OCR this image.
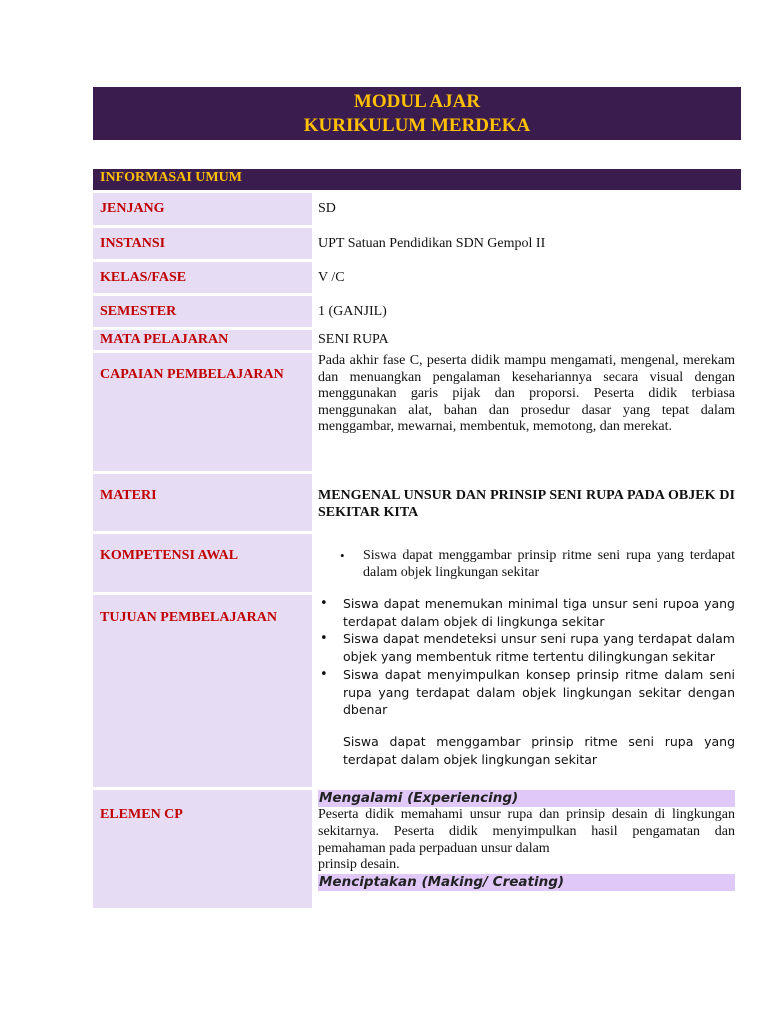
MODUL AJAR
KURIKULUM MERDEKA
INFORMASAI UMUM
JENJANG	SD
INSTANSI	UPT Satuan Pendidikan SDN Gempol II
KELAS/FASE	V /C
SEMESTER	1 (GANJIL)
MATA PELAJARAN	SENI RUPA
CAPAIAN PEMBELAJARAN
Pada akhir fase C, peserta didik mampu mengamati, mengenal, merekam dan menuangkan pengalaman kesehariannya secara visual dengan menggunakan garis pijak dan proporsi. Peserta didik terbiasa menggunakan alat, bahan dan prosedur dasar yang tepat dalam menggambar, mewarnai, membentuk, memotong, dan merekat.
MATERI	MENGENAL UNSUR DAN PRINSIP SENI RUPA PADA OBJEK DI SEKITAR KITA
KOMPETENSI AWAL
•	Siswa dapat menggambar prinsip ritme seni rupa yang terdapat dalam objek lingkungan sekitar
TUJUAN PEMBELAJARAN
• Siswa dapat menemukan minimal tiga unsur seni rupoa yang terdapat dalam objek di lingkunga sekitar
• Siswa dapat mendeteksi unsur seni rupa yang terdapat dalam objek yang membentuk ritme tertentu dilingkungan sekitar
• Siswa dapat menyimpulkan konsep prinsip ritme dalam seni rupa yang terdapat dalam objek lingkungan sekitar dengan dbenar
Siswa dapat menggambar prinsip ritme seni rupa yang terdapat dalam objek lingkungan sekitar
ELEMEN CP
Mengalami (Experiencing)
Peserta didik memahami unsur rupa dan prinsip desain di lingkungan sekitarnya. Peserta didik menyimpulkan hasil pengamatan dan pemahaman pada perpaduan unsur dalam
prinsip desain.
Menciptakan (Making/ Creating)
